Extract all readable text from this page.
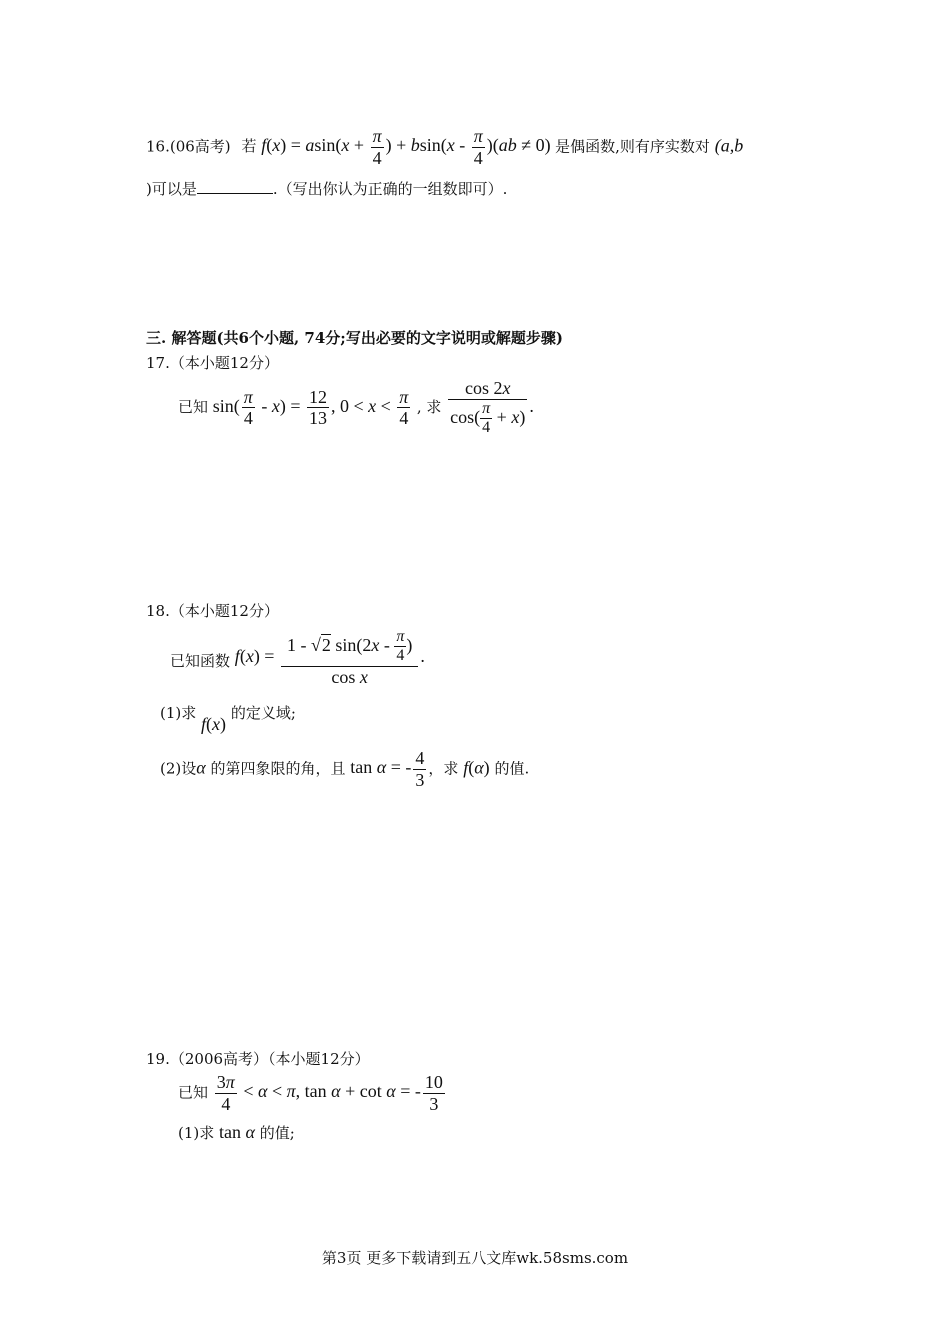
16.(06高考) 若 $f(x) = asin(x + \frac{\pi}{4}$ ) + $bsin(x - \frac{\pi}{4} )(ab \ne 0)$ 是偶函数,则有序实数对 (a,b
)可以是	.（写出你认为正确的一组数即可）.
三. 解答题(共6个小题, 74分;写出必要的文字说明或解题步骤)
17.（本小题12分）
已知 $\sin( \frac{\pi}{4} - x) = \frac{12}{13}$ , $0 < x < \frac{\pi}{4}$ , 求 $\frac{\cos 2x}{\cos( \frac{\pi}{4} + x)}$ .
18.（本小题12分）
已知函数 $f(x) = \frac{1 - √2 \sin(2x - \frac{\pi}{4} )}{\text{cos x}}$ .
(1)求 f(x) 的定义域;
(2)设α 的第四象限的角，且 tan α = - $\frac{4}{3}$ ，求 f(α) 的值.
19.（2006高考）（本小题12分）
已知 $\frac{3\pi}{4} < \alpha < \pi$, tan α + cot α = - $\frac{10}{3}$
(1)求 tan α 的值;
第3页 更多下载请到五八文库wk.58sms.com
